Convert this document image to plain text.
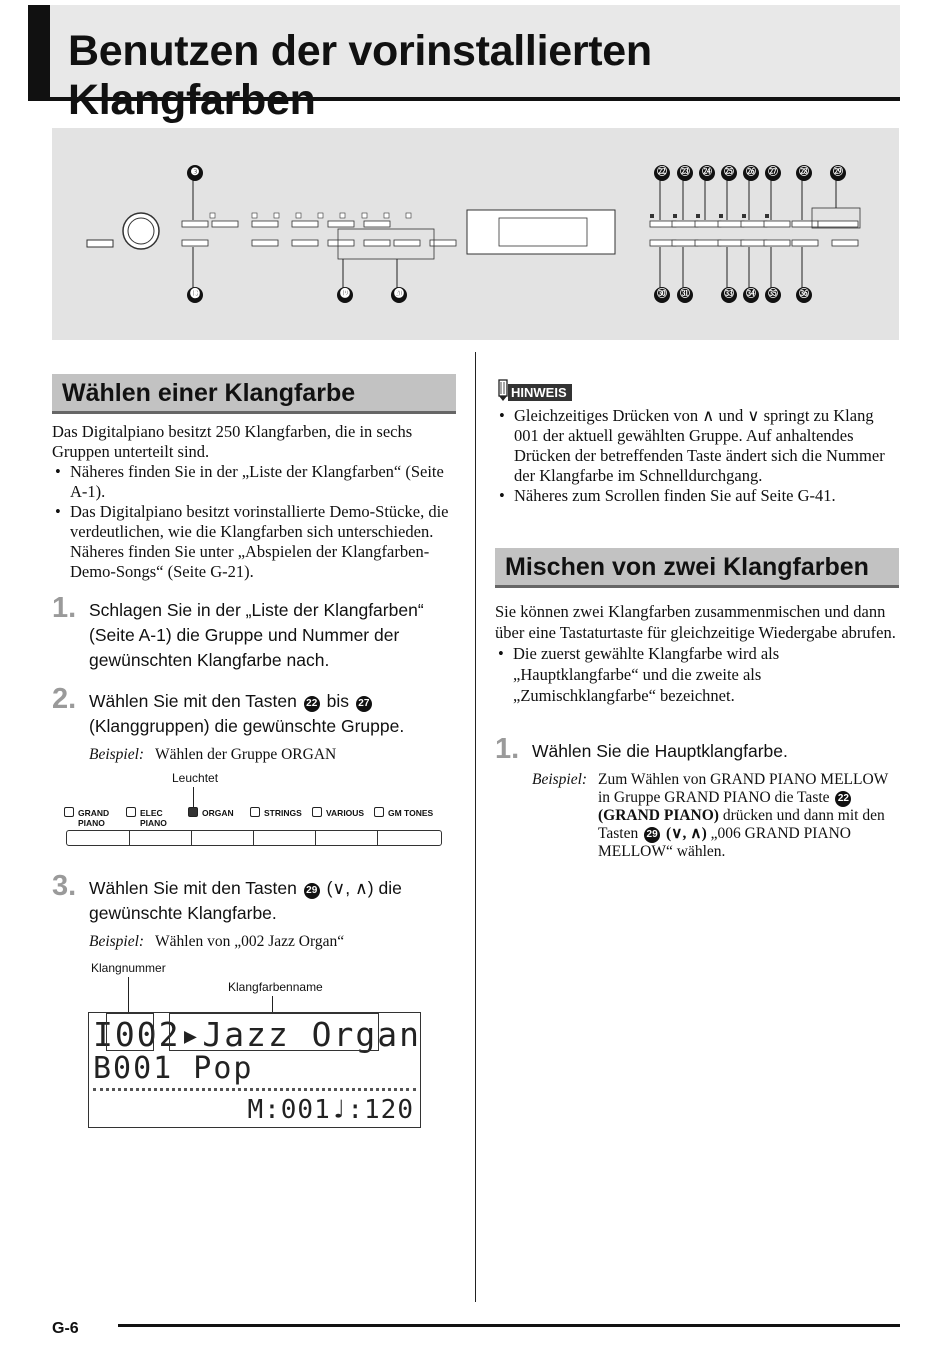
Benutzen der vorinstallierten Klangfarben
❸	㉒	㉓	㉔	㉕	㉖	㉗	㉘	㉙
⓭	⓳	⓴	㉚	㉛	㉝	㉞	㉟	㊱
Wählen einer Klangfarbe

Das Digitalpiano besitzt 250 Klangfarben, die in sechs Gruppen unterteilt sind.

• Näheres finden Sie in der „Liste der Klangfarben“ (Seite A-1).
• Das Digitalpiano besitzt vorinstallierte Demo-Stücke, die verdeutlichen, wie die Klangfarben sich unterschieden. Näheres finden Sie unter „Abspielen der Klangfarben-Demo-Songs“ (Seite G-21).
1. Schlagen Sie in der „Liste der Klangfarben“ (Seite A-1) die Gruppe und Nummer der gewünschten Klangfarbe nach.
2. Wählen Sie mit den Tasten 22 bis 27 (Klanggruppen) die gewünschte Gruppe.
Beispiel: Wählen der Gruppe ORGAN
Leuchtet
GRAND
PIANO
ELEC
PIANO
ORGAN	STRINGS	VARIOUS	GM TONES
3. Wählen Sie mit den Tasten 29 (∨, ∧) die gewünschte Klangfarbe.
Beispiel: Wählen von „002 Jazz Organ“
Klangnummer
Klangfarbenname
I002▸Jazz Organ
B001 Pop
M:001♩:120
HINWEIS
• Gleichzeitiges Drücken von ∧ und ∨ springt zu Klang 001 der aktuell gewählten Gruppe. Auf anhaltendes Drücken der betreffenden Taste ändert sich die Nummer der Klangfarbe im Schnelldurchgang.
• Näheres zum Scrollen finden Sie auf Seite G-41.
Mischen von zwei Klangfarben

Sie können zwei Klangfarben zusammenmischen und dann über eine Tastaturtaste für gleichzeitige Wiedergabe abrufen.

• Die zuerst gewählte Klangfarbe wird als „Hauptklangfarbe“ und die zweite als „Zumischklangfarbe“ bezeichnet.
1. Wählen Sie die Hauptklangfarbe.
Beispiel: Zum Wählen von GRAND PIANO MELLOW in Gruppe GRAND PIANO die Taste 22 (GRAND PIANO) drücken und dann mit den Tasten 29 (∨, ∧) „006 GRAND PIANO MELLOW“ wählen.
G-6
